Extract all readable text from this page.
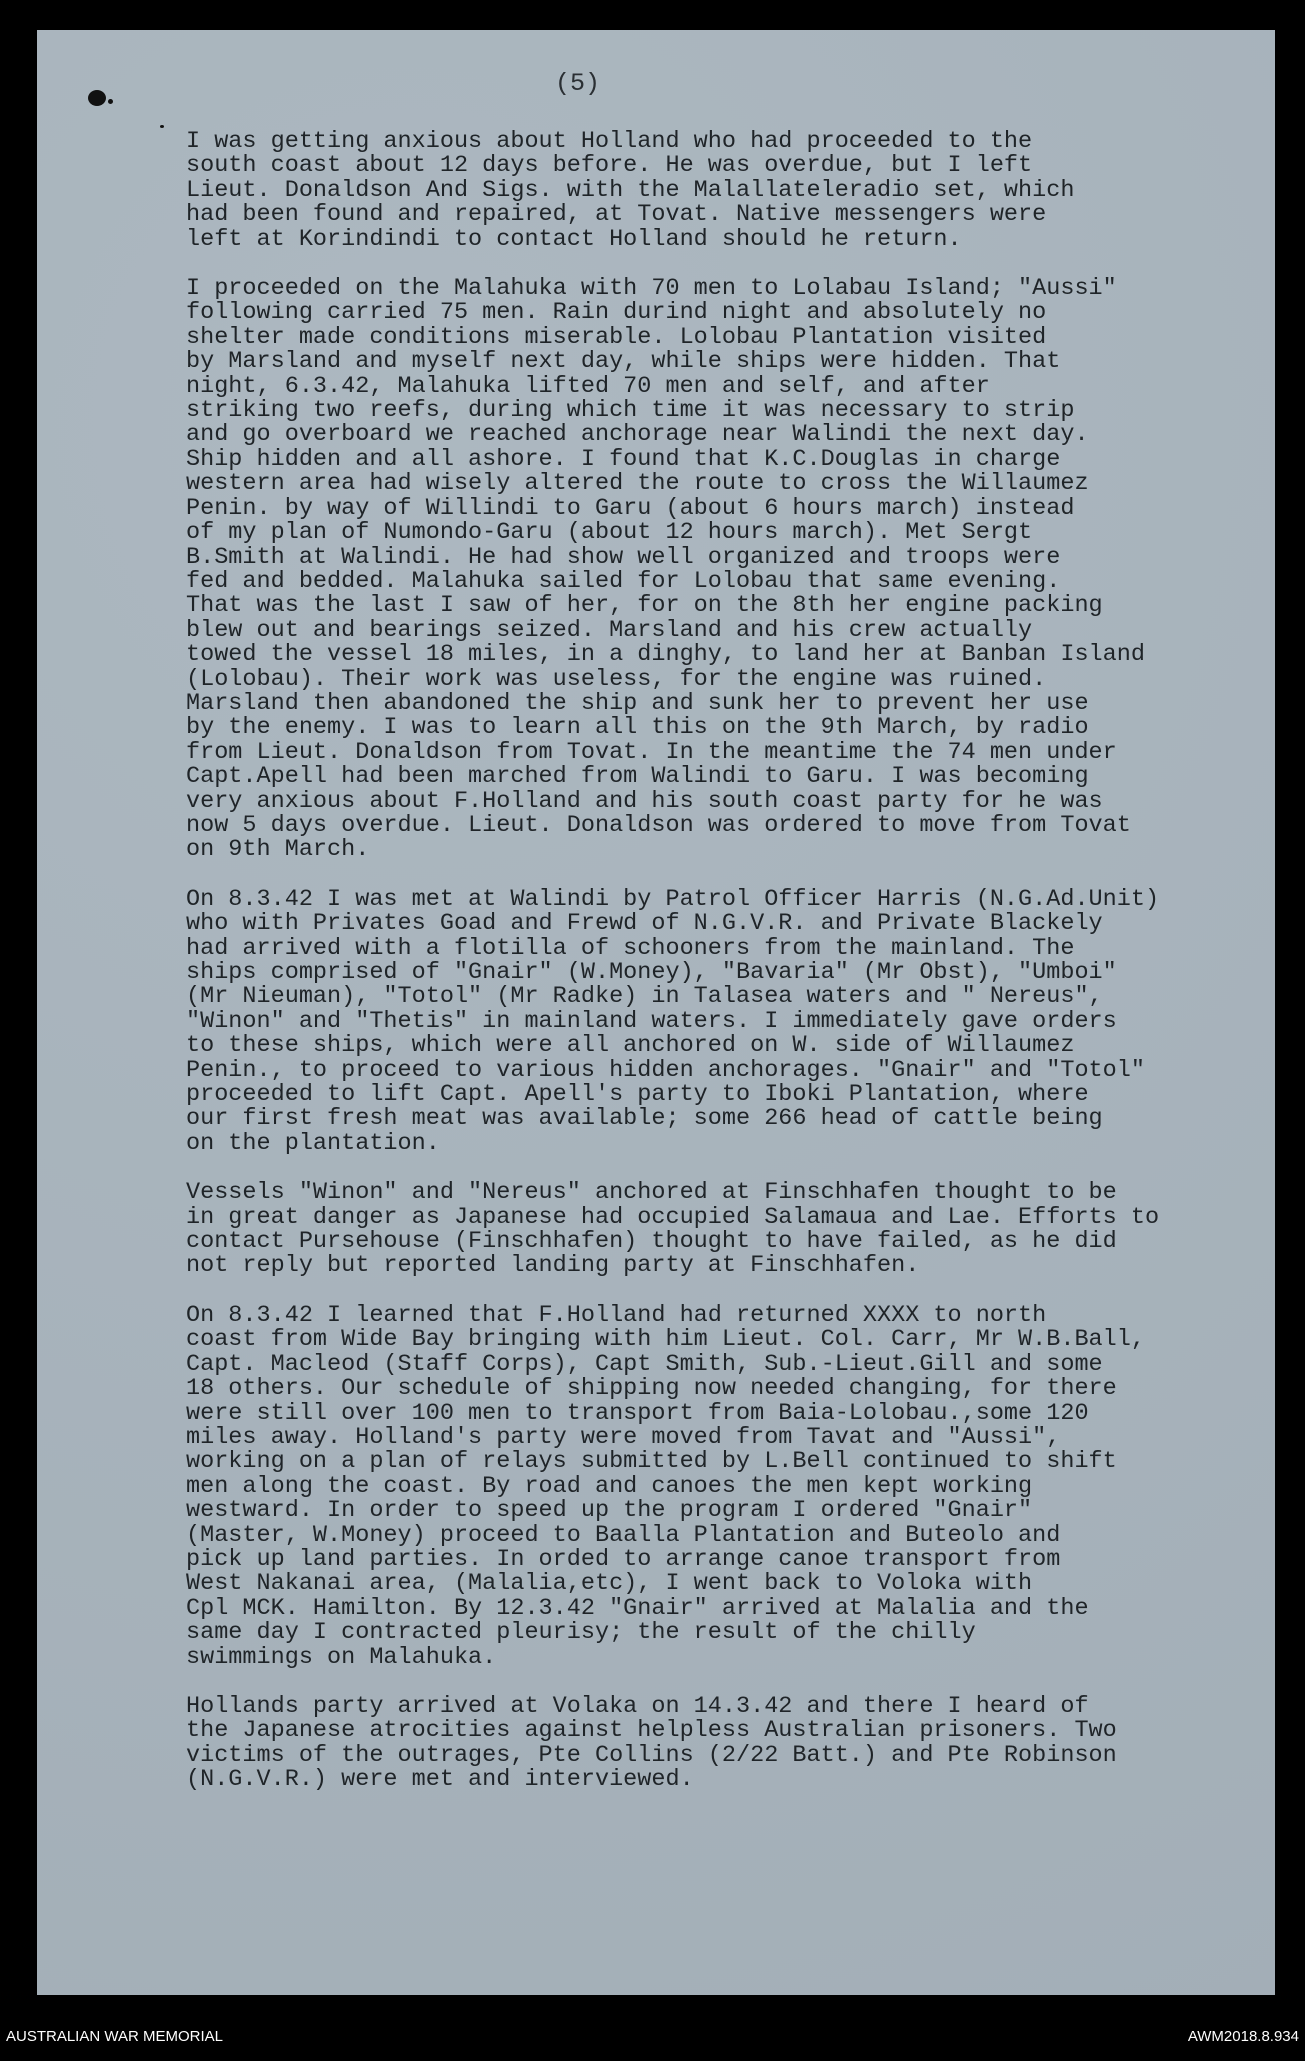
(5)

I was getting anxious about Holland who had proceeded to the
south coast about 12 days before. He was overdue, but I left
Lieut. Donaldson And Sigs. with the Malallateleradio set, which
had been found and repaired, at Tovat. Native messengers were
left at Korindindi to contact Holland should he return.

I proceeded on the Malahuka with 70 men to Lolabau Island; "Aussi"
following carried 75 men. Rain durind night and absolutely no
shelter made conditions miserable. Lolobau Plantation visited
by Marsland and myself next day, while ships were hidden. That
night, 6.3.42, Malahuka lifted 70 men and self, and after
striking two reefs, during which time it was necessary to strip
and go overboard we reached anchorage near Walindi the next day.
Ship hidden and all ashore. I found that K.C.Douglas in charge
western area had wisely altered the route to cross the Willaumez
Penin. by way of Willindi to Garu (about 6 hours march) instead
of my plan of Numondo-Garu (about 12 hours march). Met Sergt
B.Smith at Walindi. He had show well organized and troops were
fed and bedded. Malahuka sailed for Lolobau that same evening.
That was the last I saw of her, for on the 8th her engine packing
blew out and bearings seized. Marsland and his crew actually
towed the vessel 18 miles, in a dinghy, to land her at Banban Island
(Lolobau). Their work was useless, for the engine was ruined.
Marsland then abandoned the ship and sunk her to prevent her use
by the enemy. I was to learn all this on the 9th March, by radio
from Lieut. Donaldson from Tovat. In the meantime the 74 men under
Capt.Apell had been marched from Walindi to Garu. I was becoming
very anxious about F.Holland and his south coast party for he was
now 5 days overdue. Lieut. Donaldson was ordered to move from Tovat
on 9th March.

On 8.3.42 I was met at Walindi by Patrol Officer Harris (N.G.Ad.Unit)
who with Privates Goad and Frewd of N.G.V.R. and Private Blackely
had arrived with a flotilla of schooners from the mainland. The
ships comprised of "Gnair" (W.Money), "Bavaria" (Mr Obst), "Umboi"
(Mr Nieuman), "Totol" (Mr Radke) in Talasea waters and " Nereus",
"Winon" and "Thetis" in mainland waters. I immediately gave orders
to these ships, which were all anchored on W. side of Willaumez
Penin., to proceed to various hidden anchorages. "Gnair" and "Totol"
proceeded to lift Capt. Apell's party to Iboki Plantation, where
our first fresh meat was available; some 266 head of cattle being
on the plantation.

Vessels "Winon" and "Nereus" anchored at Finschhafen thought to be
in great danger as Japanese had occupied Salamaua and Lae. Efforts to
contact Pursehouse (Finschhafen) thought to have failed, as he did
not reply but reported landing party at Finschhafen.

On 8.3.42 I learned that F.Holland had returned XXXX to north
coast from Wide Bay bringing with him Lieut. Col. Carr, Mr W.B.Ball,
Capt. Macleod (Staff Corps), Capt Smith, Sub.-Lieut.Gill and some
18 others. Our schedule of shipping now needed changing, for there
were still over 100 men to transport from Baia-Lolobau.,some 120
miles away. Holland's party were moved from Tavat and "Aussi",
working on a plan of relays submitted by L.Bell continued to shift
men along the coast. By road and canoes the men kept working
westward. In order to speed up the program I ordered "Gnair"
(Master, W.Money) proceed to Baalla Plantation and Buteolo and
pick up land parties. In orded to arrange canoe transport from
West Nakanai area, (Malalia,etc), I went back to Voloka with
Cpl MCK. Hamilton. By 12.3.42 "Gnair" arrived at Malalia and the
same day I contracted pleurisy; the result of the chilly
swimmings on Malahuka.

Hollands party arrived at Volaka on 14.3.42 and there I heard of
the Japanese atrocities against helpless Australian prisoners. Two
victims of the outrages, Pte Collins (2/22 Batt.) and Pte Robinson
(N.G.V.R.) were met and interviewed.

AUSTRALIAN WAR MEMORIAL	AWM2018.8.934
